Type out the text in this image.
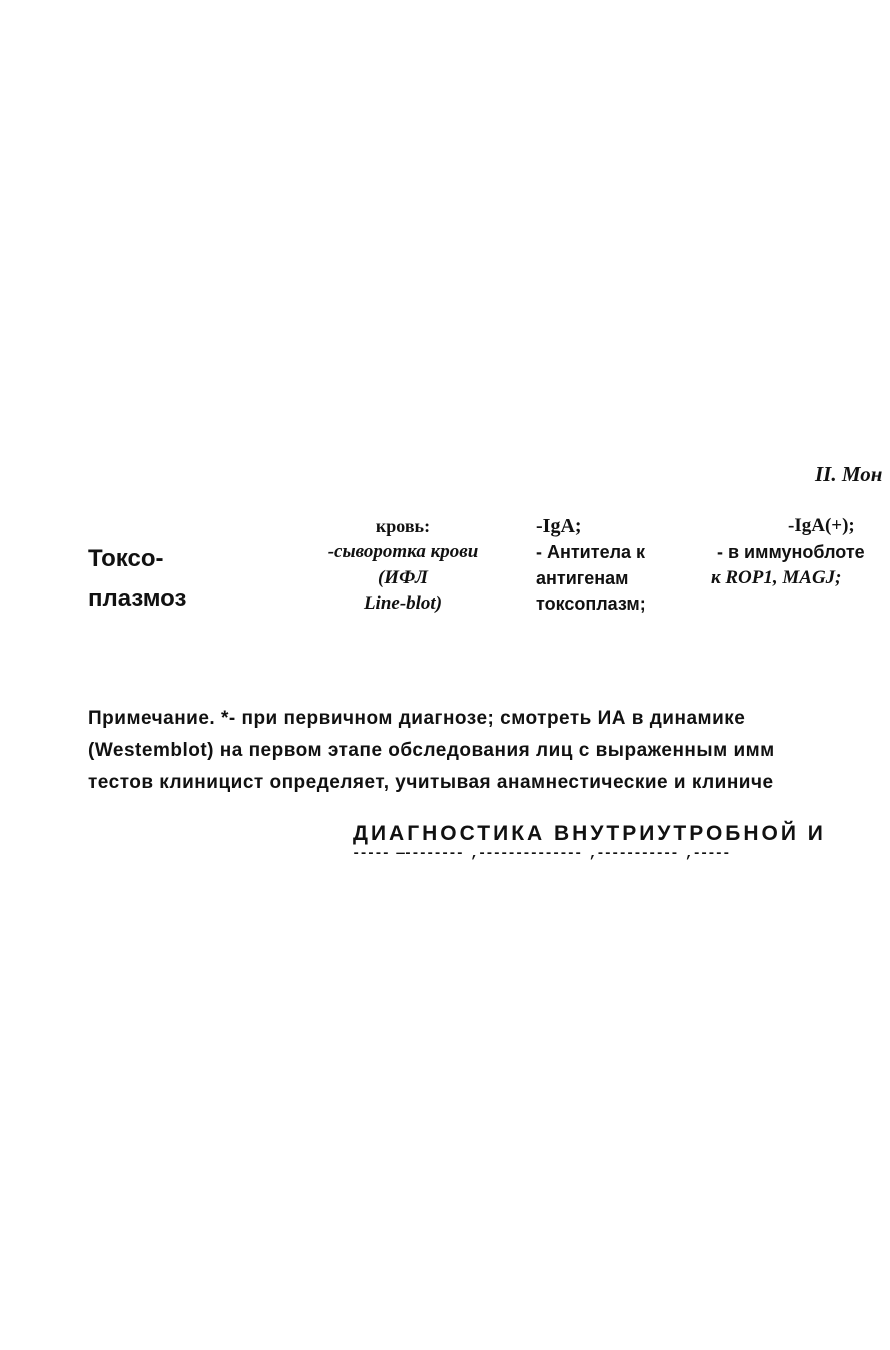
II. Мон
Токсо-
плазмоз
кровь:
-сыворотка крови
(ИФЛ
Line-blot)
-IgA;
- Антитела к
антигенам
токсоплазм;
-IgA(+);
- в иммуноблоте
к ROP1, MAGJ;
Примечание. *- при первичном диагнозе; смотреть ИА в динамике
(Westemblot) на первом этапе обследования лиц с выраженным имм
тестов клиницист определяет, учитывая анамнестические и клиниче
ДИАГНОСТИКА ВНУТРИУТРОБНОЙ И
----- —-------- ,-------------- ,----------- ,-----
